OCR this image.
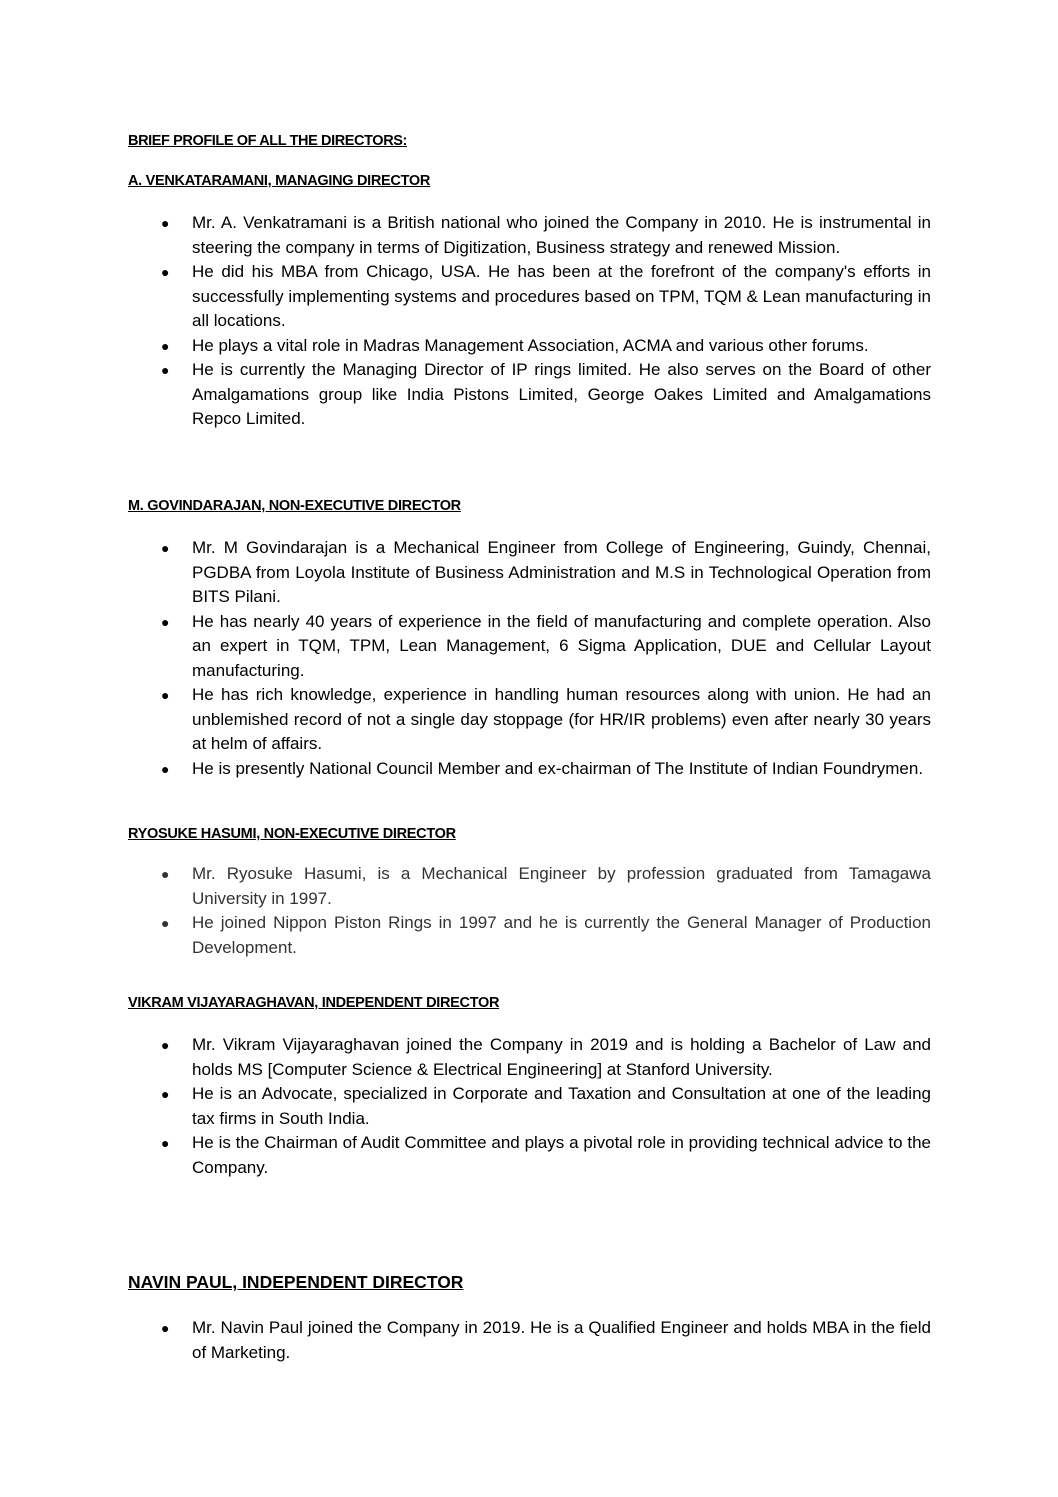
BRIEF PROFILE OF ALL THE DIRECTORS:
A. VENKATARAMANI, MANAGING DIRECTOR
● Mr. A. Venkatramani is a British national who joined the Company in 2010. He is instrumental in steering the company in terms of Digitization, Business strategy and renewed Mission.
● He did his MBA from Chicago, USA. He has been at the forefront of the company's efforts in successfully implementing systems and procedures based on TPM, TQM & Lean manufacturing in all locations.
● He plays a vital role in Madras Management Association, ACMA and various other forums.
● He is currently the Managing Director of IP rings limited. He also serves on the Board of other Amalgamations group like India Pistons Limited, George Oakes Limited and Amalgamations Repco Limited.
M. GOVINDARAJAN, NON-EXECUTIVE DIRECTOR
● Mr. M Govindarajan is a Mechanical Engineer from College of Engineering, Guindy, Chennai, PGDBA from Loyola Institute of Business Administration and M.S in Technological Operation from BITS Pilani.
● He has nearly 40 years of experience in the field of manufacturing and complete operation. Also an expert in TQM, TPM, Lean Management, 6 Sigma Application, DUE and Cellular Layout manufacturing.
● He has rich knowledge, experience in handling human resources along with union. He had an unblemished record of not a single day stoppage (for HR/IR problems) even after nearly 30 years at helm of affairs.
● He is presently National Council Member and ex-chairman of The Institute of Indian Foundrymen.
RYOSUKE HASUMI, NON-EXECUTIVE DIRECTOR
● Mr. Ryosuke Hasumi, is a Mechanical Engineer by profession graduated from Tamagawa University in 1997.
● He joined Nippon Piston Rings in 1997 and he is currently the General Manager of Production Development.
VIKRAM VIJAYARAGHAVAN, INDEPENDENT DIRECTOR
● Mr. Vikram Vijayaraghavan joined the Company in 2019 and is holding a Bachelor of Law and holds MS [Computer Science & Electrical Engineering] at Stanford University.
● He is an Advocate, specialized in Corporate and Taxation and Consultation at one of the leading tax firms in South India.
● He is the Chairman of Audit Committee and plays a pivotal role in providing technical advice to the Company.
NAVIN PAUL, INDEPENDENT DIRECTOR
● Mr. Navin Paul joined the Company in 2019. He is a Qualified Engineer and holds MBA in the field of Marketing.
